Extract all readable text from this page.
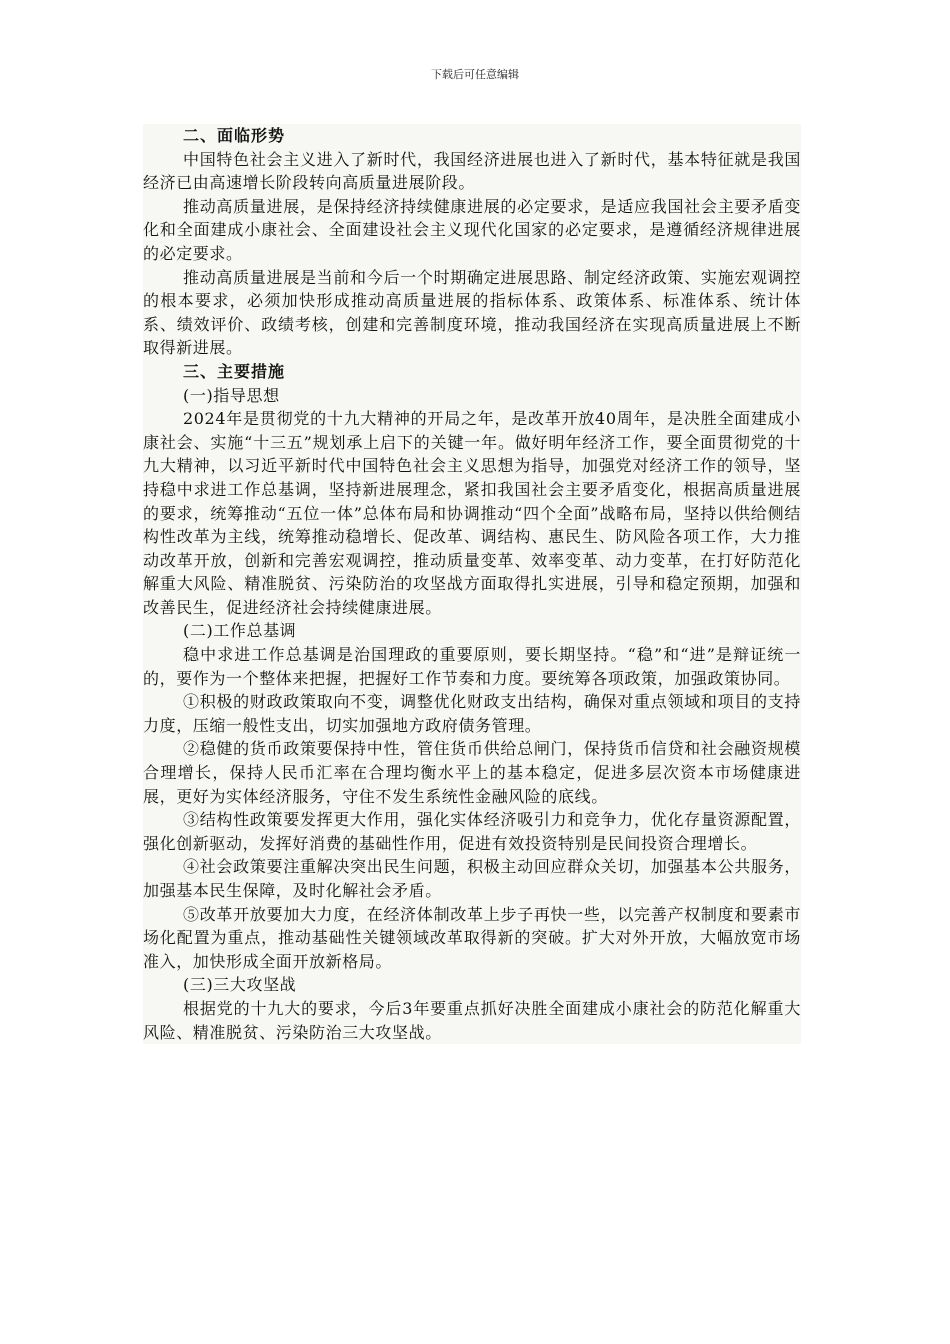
下载后可任意编辑

二、面临形势

中国特色社会主义进入了新时代，我国经济进展也进入了新时代，基本特征就是我国经济已由高速增长阶段转向高质量进展阶段。

推动高质量进展，是保持经济持续健康进展的必定要求，是适应我国社会主要矛盾变化和全面建成小康社会、全面建设社会主义现代化国家的必定要求，是遵循经济规律进展的必定要求。

推动高质量进展是当前和今后一个时期确定进展思路、制定经济政策、实施宏观调控的根本要求，必须加快形成推动高质量进展的指标体系、政策体系、标准体系、统计体系、绩效评价、政绩考核，创建和完善制度环境，推动我国经济在实现高质量进展上不断取得新进展。

三、主要措施

(一)指导思想

2024年是贯彻党的十九大精神的开局之年，是改革开放40周年，是决胜全面建成小康社会、实施“十三五”规划承上启下的关键一年。做好明年经济工作，要全面贯彻党的十九大精神，以习近平新时代中国特色社会主义思想为指导，加强党对经济工作的领导，坚持稳中求进工作总基调，坚持新进展理念，紧扣我国社会主要矛盾变化，根据高质量进展的要求，统筹推动“五位一体”总体布局和协调推动“四个全面”战略布局，坚持以供给侧结构性改革为主线，统筹推动稳增长、促改革、调结构、惠民生、防风险各项工作，大力推动改革开放，创新和完善宏观调控，推动质量变革、效率变革、动力变革，在打好防范化解重大风险、精准脱贫、污染防治的攻坚战方面取得扎实进展，引导和稳定预期，加强和改善民生，促进经济社会持续健康进展。

(二)工作总基调

稳中求进工作总基调是治国理政的重要原则，要长期坚持。“稳”和“进”是辩证统一的，要作为一个整体来把握，把握好工作节奏和力度。要统筹各项政策，加强政策协同。

①积极的财政政策取向不变，调整优化财政支出结构，确保对重点领域和项目的支持力度，压缩一般性支出，切实加强地方政府债务管理。

②稳健的货币政策要保持中性，管住货币供给总闸门，保持货币信贷和社会融资规模合理增长，保持人民币汇率在合理均衡水平上的基本稳定，促进多层次资本市场健康进展，更好为实体经济服务，守住不发生系统性金融风险的底线。

③结构性政策要发挥更大作用，强化实体经济吸引力和竞争力，优化存量资源配置，强化创新驱动，发挥好消费的基础性作用，促进有效投资特别是民间投资合理增长。

④社会政策要注重解决突出民生问题，积极主动回应群众关切，加强基本公共服务，加强基本民生保障，及时化解社会矛盾。

⑤改革开放要加大力度，在经济体制改革上步子再快一些，以完善产权制度和要素市场化配置为重点，推动基础性关键领域改革取得新的突破。扩大对外开放，大幅放宽市场准入，加快形成全面开放新格局。

(三)三大攻坚战

根据党的十九大的要求，今后3年要重点抓好决胜全面建成小康社会的防范化解重大风险、精准脱贫、污染防治三大攻坚战。
